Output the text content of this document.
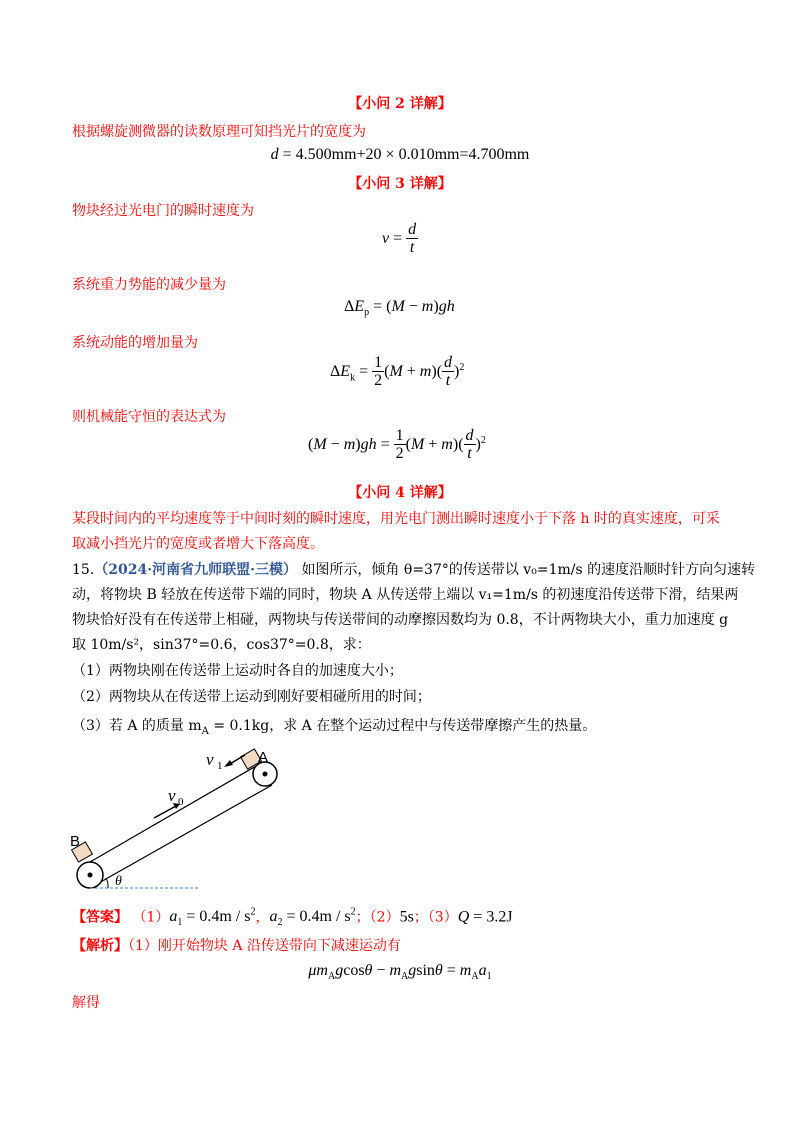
【小问 2 详解】
根据螺旋测微器的读数原理可知挡光片的宽度为
d = 4.500mm+20 × 0.010mm=4.700mm
【小问 3 详解】
物块经过光电门的瞬时速度为
$v = \frac{d}{t}$
系统重力势能的减少量为
$\Delta E_p = (M - m)gh$
系统动能的增加量为
$\Delta E_k = \frac{1}{2} (M + m)( \frac{d}{t} )^2$
则机械能守恒的表达式为
$(M - m)gh = \frac{1}{2} (M + m)( \frac{d}{t} )^2$
【小问 4 详解】
某段时间内的平均速度等于中间时刻的瞬时速度，用光电门测出瞬时速度小于下落 h 时的真实速度，可采
取减小挡光片的宽度或者增大下落高度。
15.（2024·河南省九师联盟·三模） 如图所示，倾角 θ=37°的传送带以 v₀=1m/s 的速度沿顺时针方向匀速转
动，将物块 B 轻放在传送带下端的同时，物块 A 从传送带上端以 v₁=1m/s 的初速度沿传送带下滑，结果两
物块恰好没有在传送带上相碰，两物块与传送带间的动摩擦因数均为 0.8，不计两物块大小，重力加速度 g
取 10m/s²，sin37°=0.6，cos37°=0.8，求：
（1）两物块刚在传送带上运动时各自的加速度大小；
（2）两物块从在传送带上运动到刚好要相碰所用的时间；
（3）若 A 的质量 $m_A = 0.1kg$，求 A 在整个运动过程中与传送带摩擦产生的热量。
θ
B
A
v 1
v 0
【答案】 $(1)a_1 = 0.4m / s^2$，$a_2 = 0.4m / s^2$；（2）5s；（3）Q = 3.2J
【解析】（1）刚开始物块 A 沿传送带向下减速运动有
$\mu m_Agcos\theta - m_Agsin\theta = m_Aa_1$
解得
